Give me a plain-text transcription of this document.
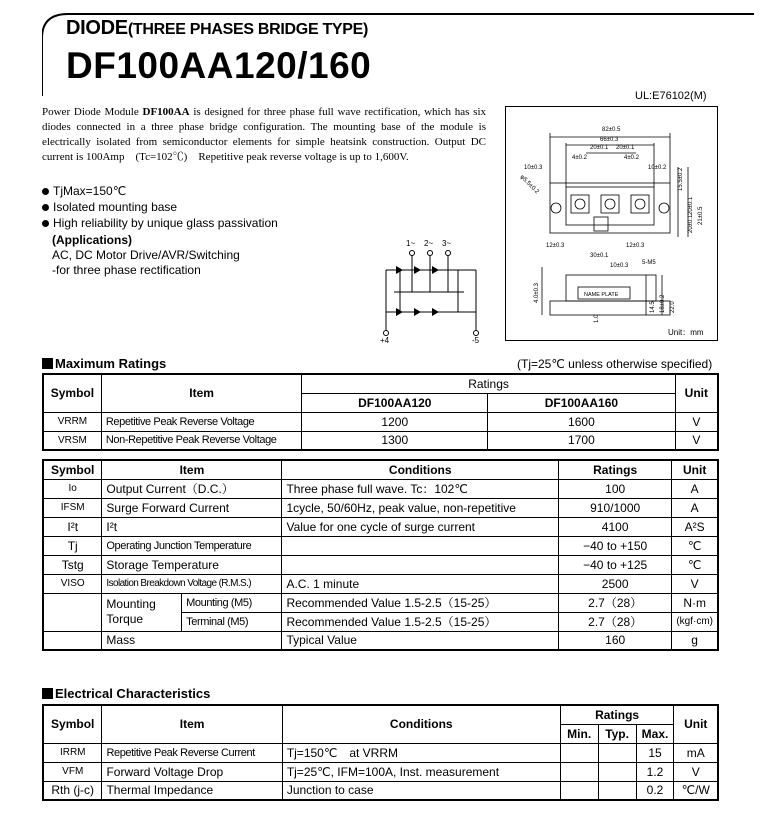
DIODE(THREE PHASES BRIDGE TYPE)
DF100AA120/160
UL:E76102(M)
Power Diode Module DF100AA is designed for three phase full wave rectification, which has six diodes connected in a three phase bridge configuration. The mounting base of the module is electrically isolated from semiconductor elements for simple heatsink construction. Output DC current is 100Amp　(Tc=102℃)　Repetitive peak reverse voltage is up to 1,600V.
TjMax=150℃
Isolated mounting base
High reliability by unique glass passivation
(Applications)
AC, DC Motor Drive/AVR/Switching
-for three phase rectification
1~ 2~ 3~
+4	-5
82±0.5
66±0.3
20±0.1 20±0.1
4±0.2	4±0.2
10±0.3	10±0.2 15.5±0.2
20±0.1
20±0.1 21±0.5
φ5.5±0.2
12±0.3	12±0.3
30±0.1
10±0.3 5-M5
4.0±0.3
14.5 18±0.2 22.0
1.0
NAME PLATE
Unit：mm
Maximum Ratings	(Tj=25℃ unless otherwise specified)
Symbol	Item	Ratings		Unit
		DF100AA120	DF100AA160	
VRRM	Repetitive Peak Reverse Voltage	1200	1600	V
VRSM	Non-Repetitive Peak Reverse Voltage	1300	1700	V
Symbol	Item		Conditions	Ratings	Unit
Io	Output Current（D.C.）		Three phase full wave. Tc：102℃	100	A
IFSM	Surge Forward Current		1cycle, 50/60Hz, peak value, non-repetitive	910/1000	A
I²t	I²t		Value for one cycle of surge current	4100	A²S
Tj	Operating Junction Temperature			−40 to +150	℃
Tstg	Storage Temperature			−40 to +125	℃
VISO	Isolation Breakdown Voltage (R.M.S.)		A.C. 1 minute	2500	V
	Mounting Torque	Mounting (M5)	Recommended Value 1.5-2.5（15-25）	2.7（28）	N·m
		Terminal (M5)	Recommended Value 1.5-2.5（15-25）	2.7（28）	(kgf·cm)
	Mass		Typical Value	160	g
Electrical Characteristics
Symbol	Item	Conditions	Ratings			Unit
			Min.	Typ.	Max.	
IRRM	Repetitive Peak Reverse Current	Tj=150℃　at VRRM			15	mA
VFM	Forward Voltage Drop	Tj=25℃, IFM=100A, Inst. measurement			1.2	V
Rth (j-c)	Thermal Impedance	Junction to case			0.2	℃/W
